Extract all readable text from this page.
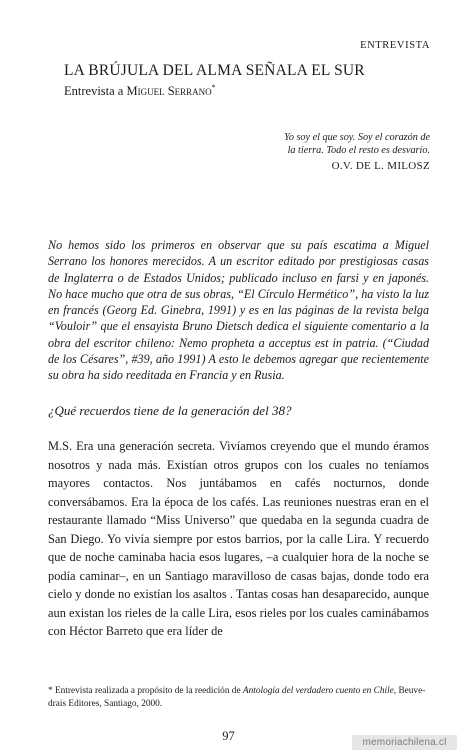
ENTREVISTA
LA BRÚJULA DEL ALMA SEÑALA EL SUR
Entrevista a Miguel Serrano*
Yo soy el que soy. Soy el corazón de
la tierra. Todo el resto es desvarío.
O.V. DE L. MILOSZ

No hemos sido los primeros en observar que su país escatima a Miguel Serrano los honores merecidos. A un escritor editado por prestigiosas casas de Inglaterra o de Estados Unidos; publicado incluso en farsi y en japonés. No hace mucho que otra de sus obras, “El Círculo Hermético”, ha visto la luz en francés (Georg Ed. Ginebra, 1991) y es en las páginas de la revista belga “Vouloir” que el ensayista Bruno Dietsch dedica el siguiente comentario a la obra del escritor chileno: Nemo propheta a acceptus est in patria. (“Ciudad de los Césares”, #39, año 1991) A esto le debemos agregar que recientemente su obra ha sido reeditada en Francia y en Rusia.

¿Qué recuerdos tiene de la generación del 38?

M.S. Era una generación secreta. Vivíamos creyendo que el mundo éramos nosotros y nada más. Existían otros grupos con los cuales no teníamos mayores contactos. Nos juntábamos en cafés nocturnos, donde conversábamos. Era la época de los cafés. Las reuniones nuestras eran en el restaurante llamado “Miss Universo” que quedaba en la segunda cuadra de San Diego. Yo vivía siempre por estos barrios, por la calle Lira. Y recuerdo que de noche caminaba hacia esos lugares, –a cualquier hora de la noche se podía caminar–, en un Santiago maravilloso de casas bajas, donde todo era cielo y donde no existían los asaltos . Tantas cosas han desaparecido, aunque aun existan los rieles de la calle Lira, esos rieles por los cuales caminábamos con Héctor Barreto que era líder de

* Entrevista realizada a propósito de la reedición de Antología del verdadero cuento en Chile, Beuve-draís Editores, Santiago, 2000.

97	memoriachilena.cl
